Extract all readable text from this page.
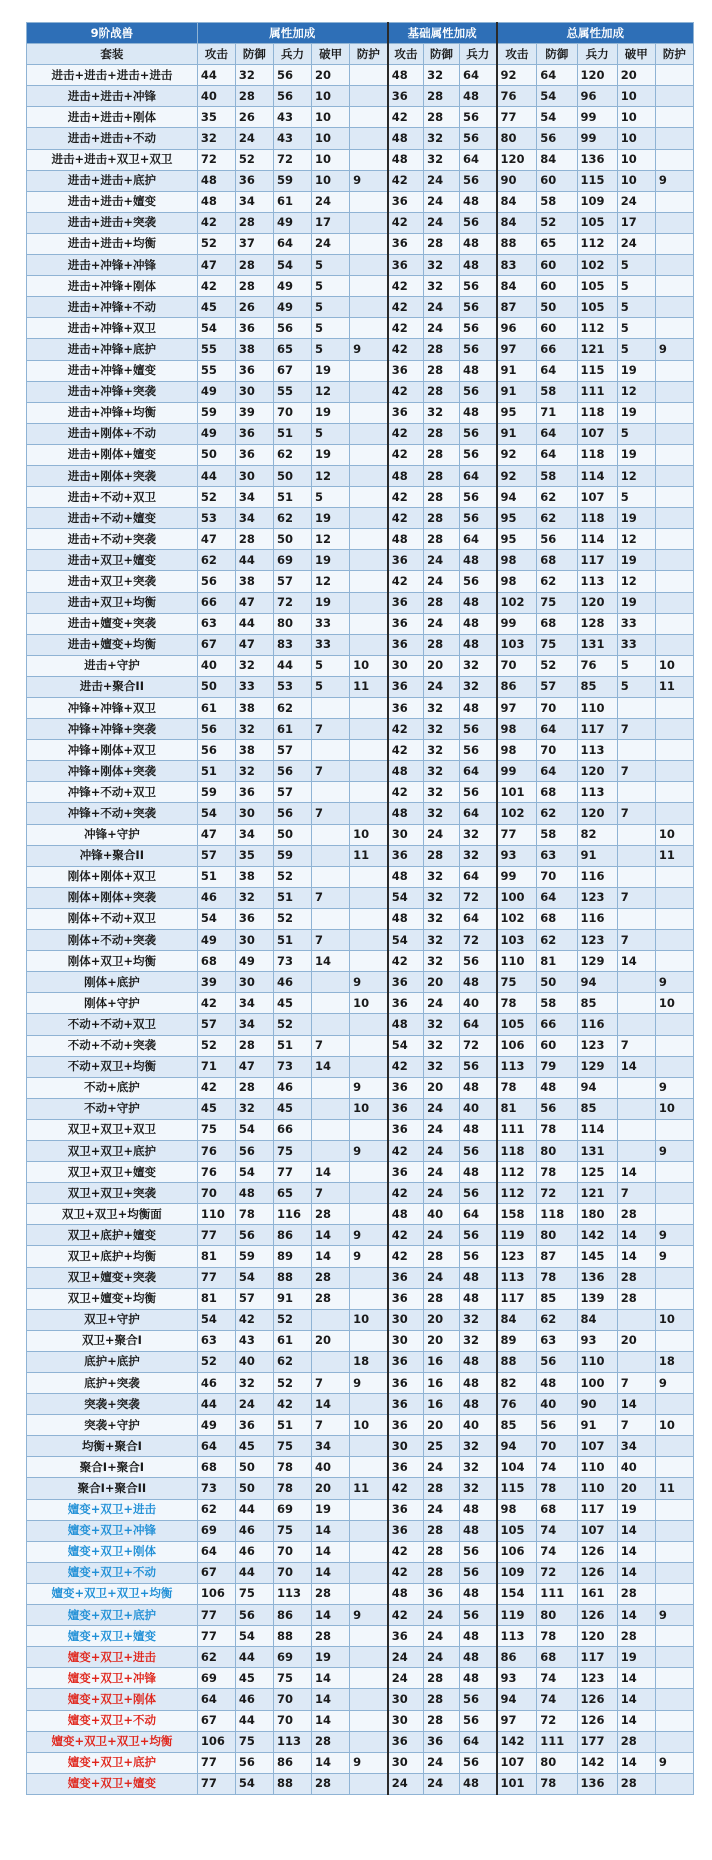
9阶战兽	属性加成					基础属性加成			总属性加成				
套装	攻击	防御	兵力	破甲	防护	攻击	防御	兵力	攻击	防御	兵力	破甲	防护
进击+进击+进击+进击	44	32	56	20		48	32	64	92	64	120	20	
进击+进击+冲锋	40	28	56	10		36	28	48	76	54	96	10	
进击+进击+刚体	35	26	43	10		42	28	56	77	54	99	10	
进击+进击+不动	32	24	43	10		48	32	56	80	56	99	10	
进击+进击+双卫+双卫	72	52	72	10		48	32	64	120	84	136	10	
进击+进击+底护	48	36	59	10	9	42	24	56	90	60	115	10	9
进击+进击+嬗变	48	34	61	24		36	24	48	84	58	109	24	
进击+进击+突袭	42	28	49	17		42	24	56	84	52	105	17	
进击+进击+均衡	52	37	64	24		36	28	48	88	65	112	24	
进击+冲锋+冲锋	47	28	54	5		36	32	48	83	60	102	5	
进击+冲锋+刚体	42	28	49	5		42	32	56	84	60	105	5	
进击+冲锋+不动	45	26	49	5		42	24	56	87	50	105	5	
进击+冲锋+双卫	54	36	56	5		42	24	56	96	60	112	5	
进击+冲锋+底护	55	38	65	5	9	42	28	56	97	66	121	5	9
进击+冲锋+嬗变	55	36	67	19		36	28	48	91	64	115	19	
进击+冲锋+突袭	49	30	55	12		42	28	56	91	58	111	12	
进击+冲锋+均衡	59	39	70	19		36	32	48	95	71	118	19	
进击+刚体+不动	49	36	51	5		42	28	56	91	64	107	5	
进击+刚体+嬗变	50	36	62	19		42	28	56	92	64	118	19	
进击+刚体+突袭	44	30	50	12		48	28	64	92	58	114	12	
进击+不动+双卫	52	34	51	5		42	28	56	94	62	107	5	
进击+不动+嬗变	53	34	62	19		42	28	56	95	62	118	19	
进击+不动+突袭	47	28	50	12		48	28	64	95	56	114	12	
进击+双卫+嬗变	62	44	69	19		36	24	48	98	68	117	19	
进击+双卫+突袭	56	38	57	12		42	24	56	98	62	113	12	
进击+双卫+均衡	66	47	72	19		36	28	48	102	75	120	19	
进击+嬗变+突袭	63	44	80	33		36	24	48	99	68	128	33	
进击+嬗变+均衡	67	47	83	33		36	28	48	103	75	131	33	
进击+守护	40	32	44	5	10	30	20	32	70	52	76	5	10
进击+聚合II	50	33	53	5	11	36	24	32	86	57	85	5	11
冲锋+冲锋+双卫	61	38	62			36	32	48	97	70	110		
冲锋+冲锋+突袭	56	32	61	7		42	32	56	98	64	117	7	
冲锋+刚体+双卫	56	38	57			42	32	56	98	70	113		
冲锋+刚体+突袭	51	32	56	7		48	32	64	99	64	120	7	
冲锋+不动+双卫	59	36	57			42	32	56	101	68	113		
冲锋+不动+突袭	54	30	56	7		48	32	64	102	62	120	7	
冲锋+守护	47	34	50		10	30	24	32	77	58	82		10
冲锋+聚合II	57	35	59		11	36	28	32	93	63	91		11
刚体+刚体+双卫	51	38	52			48	32	64	99	70	116		
刚体+刚体+突袭	46	32	51	7		54	32	72	100	64	123	7	
刚体+不动+双卫	54	36	52			48	32	64	102	68	116		
刚体+不动+突袭	49	30	51	7		54	32	72	103	62	123	7	
刚体+双卫+均衡	68	49	73	14		42	32	56	110	81	129	14	
刚体+底护	39	30	46		9	36	20	48	75	50	94		9
刚体+守护	42	34	45		10	36	24	40	78	58	85		10
不动+不动+双卫	57	34	52			48	32	64	105	66	116		
不动+不动+突袭	52	28	51	7		54	32	72	106	60	123	7	
不动+双卫+均衡	71	47	73	14		42	32	56	113	79	129	14	
不动+底护	42	28	46		9	36	20	48	78	48	94		9
不动+守护	45	32	45		10	36	24	40	81	56	85		10
双卫+双卫+双卫	75	54	66			36	24	48	111	78	114		
双卫+双卫+底护	76	56	75		9	42	24	56	118	80	131		9
双卫+双卫+嬗变	76	54	77	14		36	24	48	112	78	125	14	
双卫+双卫+突袭	70	48	65	7		42	24	56	112	72	121	7	
双卫+双卫+均衡面	110	78	116	28		48	40	64	158	118	180	28	
双卫+底护+嬗变	77	56	86	14	9	42	24	56	119	80	142	14	9
双卫+底护+均衡	81	59	89	14	9	42	28	56	123	87	145	14	9
双卫+嬗变+突袭	77	54	88	28		36	24	48	113	78	136	28	
双卫+嬗变+均衡	81	57	91	28		36	28	48	117	85	139	28	
双卫+守护	54	42	52		10	30	20	32	84	62	84		10
双卫+聚合I	63	43	61	20		30	20	32	89	63	93	20	
底护+底护	52	40	62		18	36	16	48	88	56	110		18
底护+突袭	46	32	52	7	9	36	16	48	82	48	100	7	9
突袭+突袭	44	24	42	14		36	16	48	76	40	90	14	
突袭+守护	49	36	51	7	10	36	20	40	85	56	91	7	10
均衡+聚合I	64	45	75	34		30	25	32	94	70	107	34	
聚合I+聚合I	68	50	78	40		36	24	32	104	74	110	40	
聚合I+聚合II	73	50	78	20	11	42	28	32	115	78	110	20	11
嬗变+双卫+进击	62	44	69	19		36	24	48	98	68	117	19	
嬗变+双卫+冲锋	69	46	75	14		36	28	48	105	74	107	14	
嬗变+双卫+刚体	64	46	70	14		42	28	56	106	74	126	14	
嬗变+双卫+不动	67	44	70	14		42	28	56	109	72	126	14	
嬗变+双卫+双卫+均衡	106	75	113	28		48	36	48	154	111	161	28	
嬗变+双卫+底护	77	56	86	14	9	42	24	56	119	80	126	14	9
嬗变+双卫+嬗变	77	54	88	28		36	24	48	113	78	120	28	
嬗变+双卫+进击	62	44	69	19		24	24	48	86	68	117	19	
嬗变+双卫+冲锋	69	45	75	14		24	28	48	93	74	123	14	
嬗变+双卫+刚体	64	46	70	14		30	28	56	94	74	126	14	
嬗变+双卫+不动	67	44	70	14		30	28	56	97	72	126	14	
嬗变+双卫+双卫+均衡	106	75	113	28		36	36	64	142	111	177	28	
嬗变+双卫+底护	77	56	86	14	9	30	24	56	107	80	142	14	9
嬗变+双卫+嬗变	77	54	88	28		24	24	48	101	78	136	28	
